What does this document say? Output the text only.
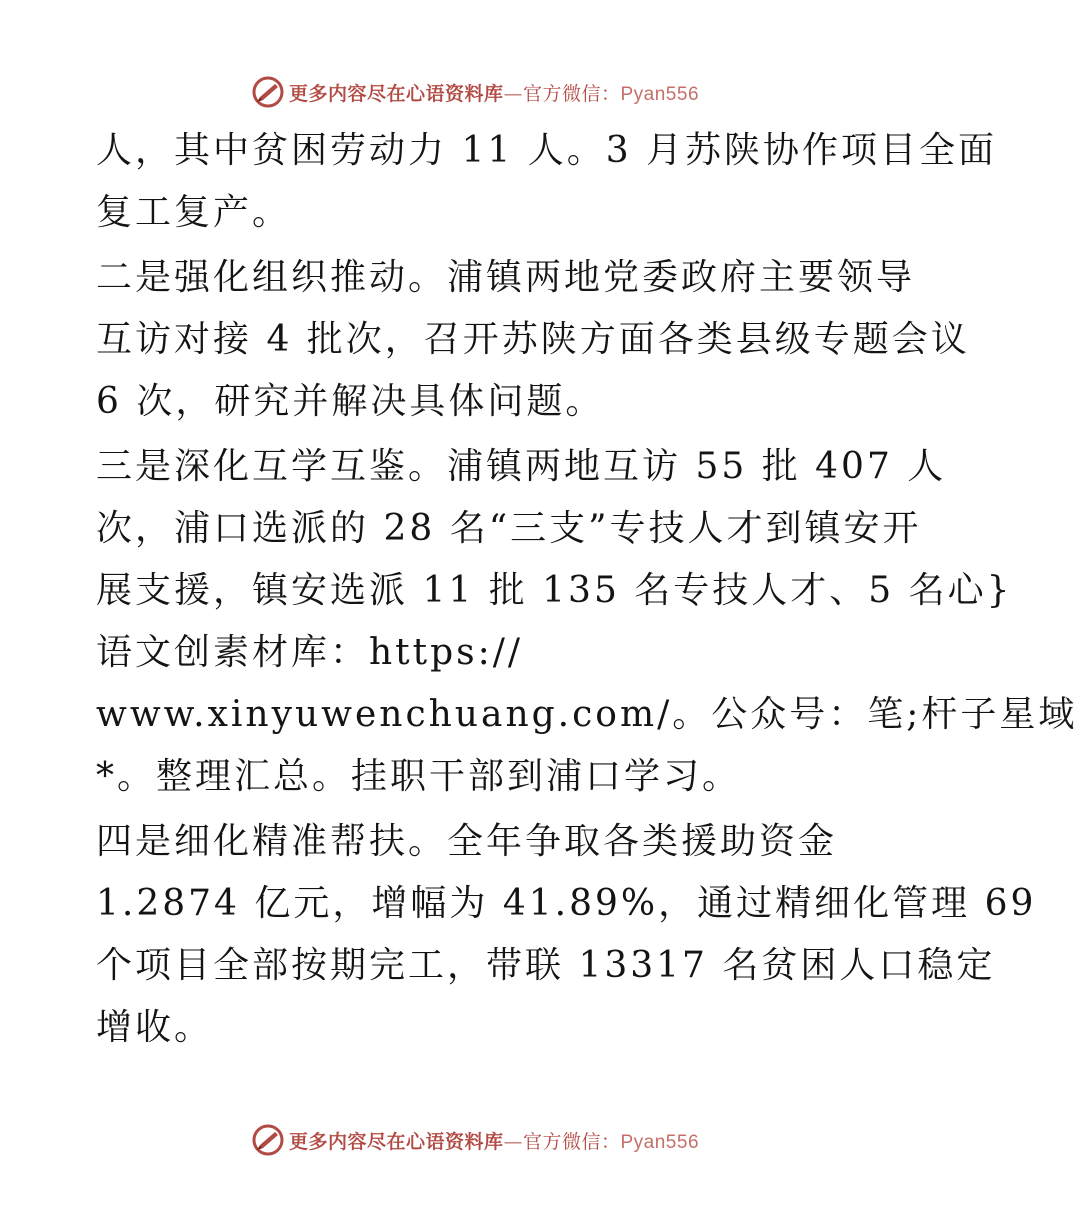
更多内容尽在心语资料库—官方微信：Pyan556
人，其中贫困劳动力 11 人。3 月苏陕协作项目全面
复工复产。
二是强化组织推动。浦镇两地党委政府主要领导
互访对接 4 批次，召开苏陕方面各类县级专题会议
6 次，研究并解决具体问题。
三是深化互学互鉴。浦镇两地互访 55 批 407 人
次，浦口选派的 28 名“三支”专技人才到镇安开
展支援，镇安选派 11 批 135 名专技人才、5 名心}
语文创素材库：https://
www.xinyuwenchuang.com/。公众号：笔;杆子星域
*。整理汇总。挂职干部到浦口学习。
四是细化精准帮扶。全年争取各类援助资金
1.2874 亿元，增幅为 41.89%，通过精细化管理 69
个项目全部按期完工，带联 13317 名贫困人口稳定
增收。
更多内容尽在心语资料库—官方微信：Pyan556
